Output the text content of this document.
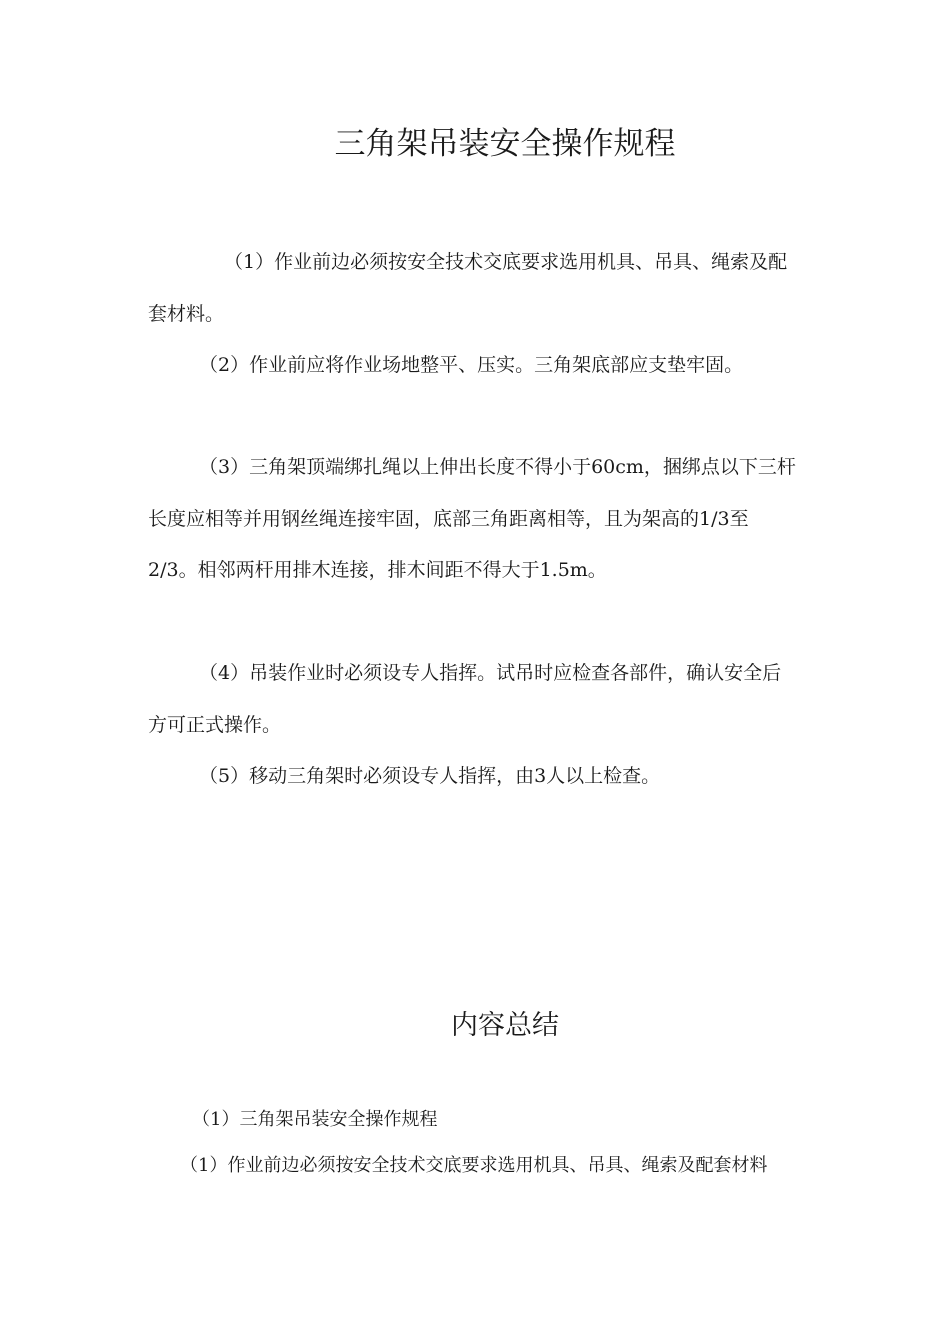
三角架吊装安全操作规程

（1）作业前边必须按安全技术交底要求选用机具、吊具、绳索及配套材料。

（2）作业前应将作业场地整平、压实。三角架底部应支垫牢固。

（3）三角架顶端绑扎绳以上伸出长度不得小于60cm，捆绑点以下三杆长度应相等并用钢丝绳连接牢固，底部三角距离相等，且为架高的1/3至2/3。相邻两杆用排木连接，排木间距不得大于1.5m。

（4）吊装作业时必须设专人指挥。试吊时应检查各部件，确认安全后方可正式操作。

（5）移动三角架时必须设专人指挥，由3人以上检查。

内容总结

（1）三角架吊装安全操作规程

（1）作业前边必须按安全技术交底要求选用机具、吊具、绳索及配套材料
